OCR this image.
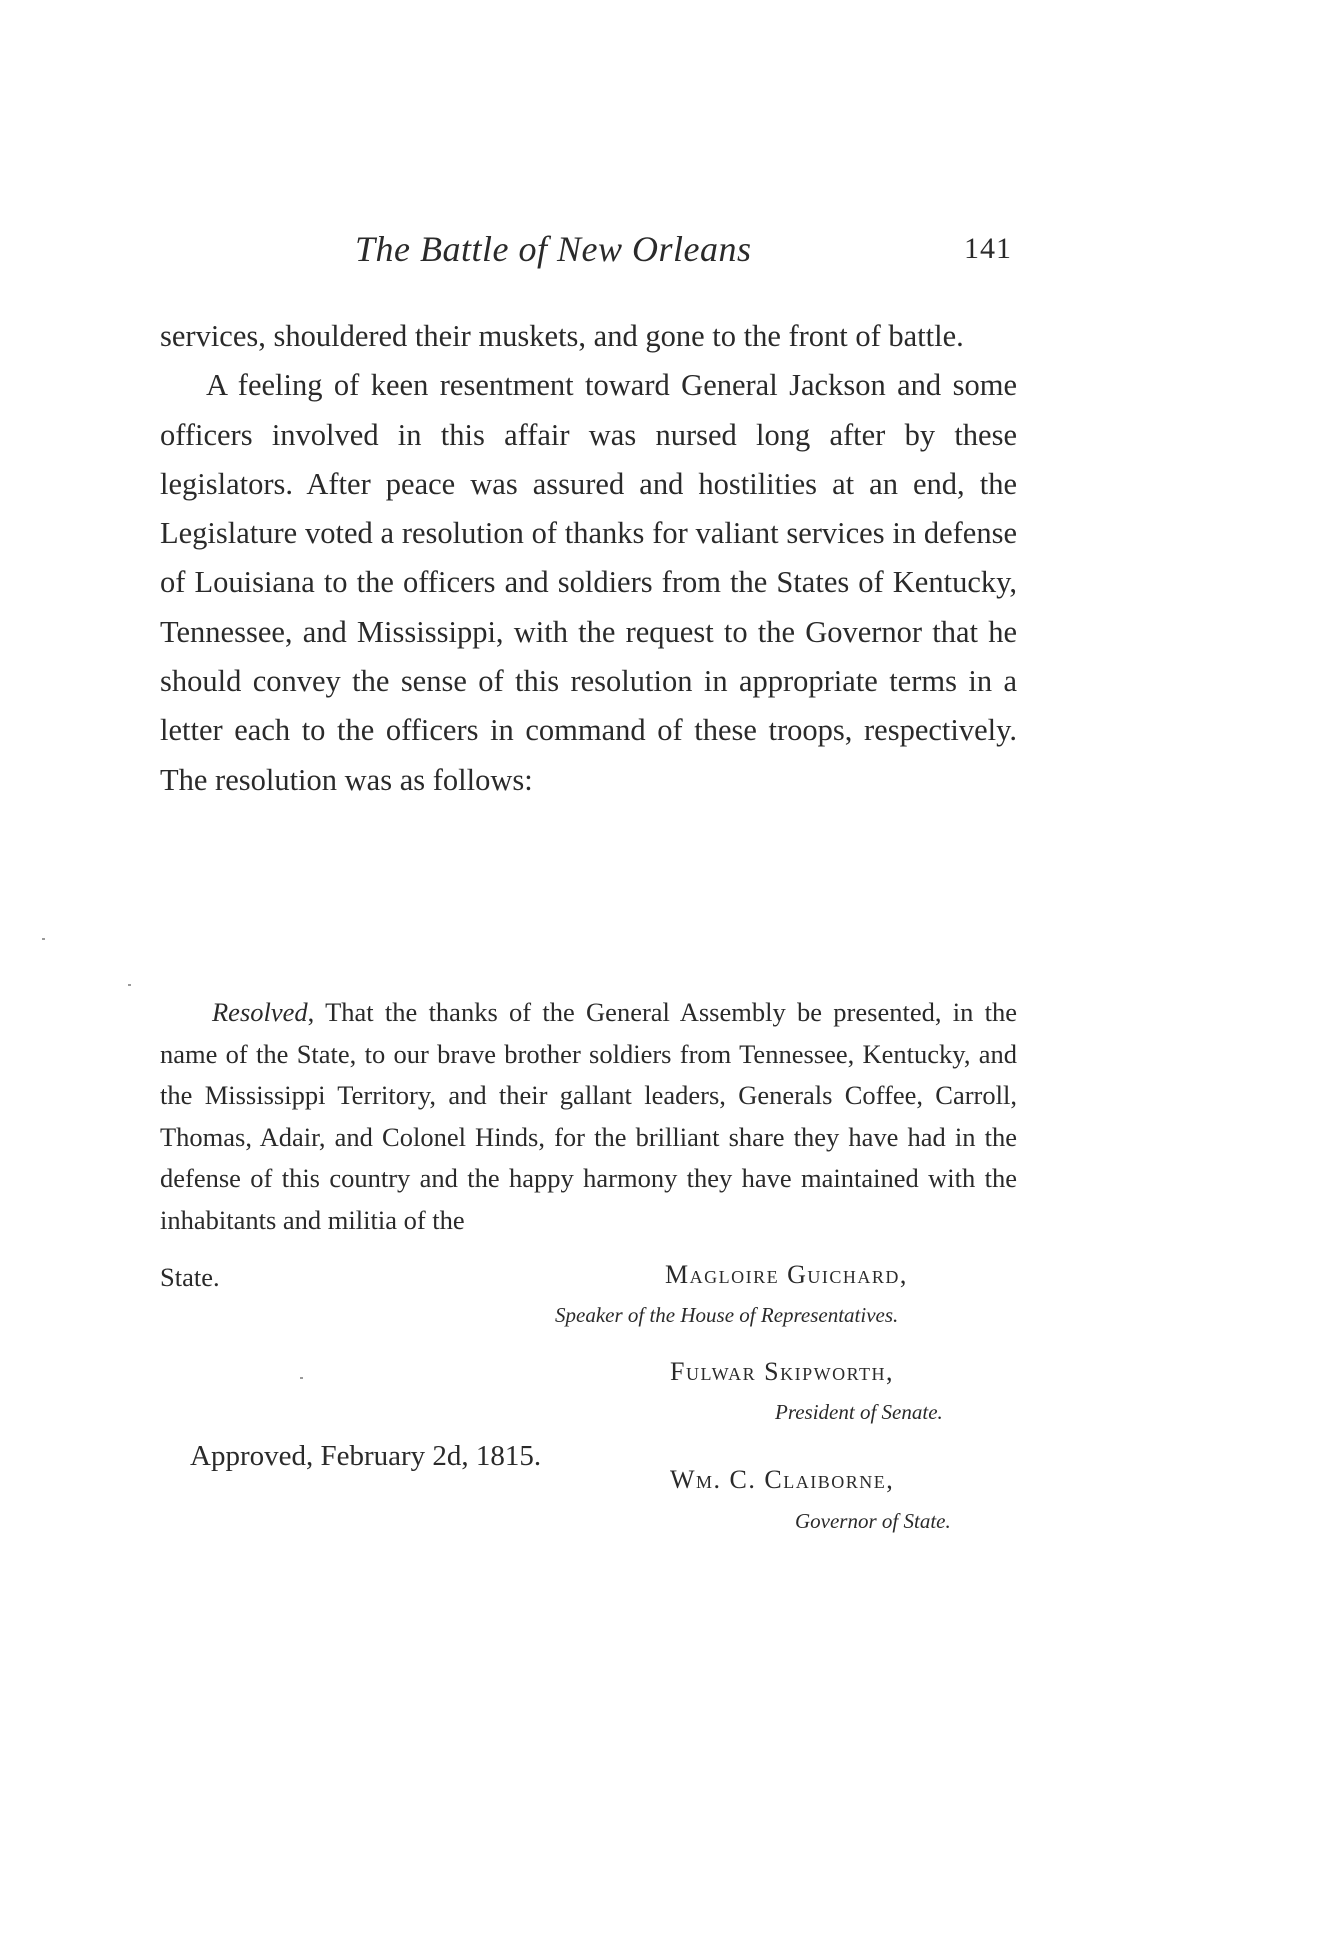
The Battle of New Orleans	141

services, shouldered their muskets, and gone to the front of battle.

A feeling of keen resentment toward General Jackson and some officers involved in this affair was nursed long after by these legislators. After peace was assured and hostilities at an end, the Legislature voted a resolution of thanks for valiant services in defense of Louisiana to the officers and soldiers from the States of Kentucky, Tennessee, and Mississippi, with the request to the Governor that he should convey the sense of this resolution in appropriate terms in a letter each to the officers in command of these troops, respectively. The resolution was as follows:

Resolved, That the thanks of the General Assembly be presented, in the name of the State, to our brave brother soldiers from Tennessee, Kentucky, and the Mississippi Territory, and their gallant leaders, Generals Coffee, Carroll, Thomas, Adair, and Colonel Hinds, for the brilliant share they have had in the defense of this country and the happy harmony they have maintained with the inhabitants and militia of the
State.	Magloire Guichard,
Speaker of the House of Representatives.
Fulwar Skipworth,
President of Senate.
Approved, February 2d, 1815.
Wm. C. Claiborne,
Governor of State.
